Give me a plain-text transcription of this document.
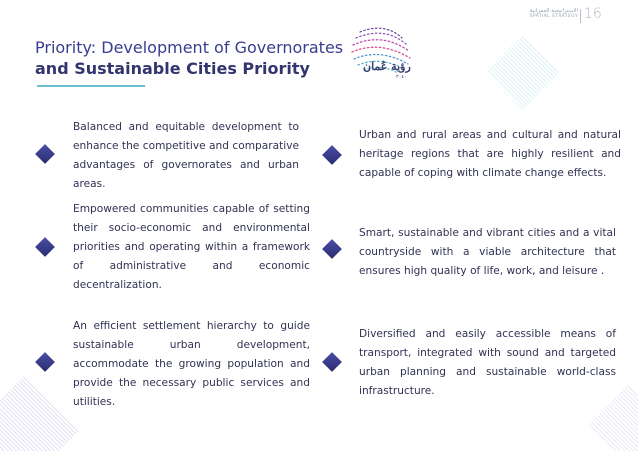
الاستراتيجية العمرانية
SPATIAL STRATEGY 16
Priority: Development of Governorates
and Sustainable Cities Priority	رؤية عُمان
٢٠٤٠

Balanced and equitable development to enhance the competitive and comparative advantages of governorates and urban areas.

Empowered communities capable of setting their socio-economic and environmental priorities and operating within a framework of administrative and economic decentralization.

An efficient settlement hierarchy to guide sustainable urban development, accommodate the growing population and provide the necessary public services and utilities.

Urban and rural areas and cultural and natural heritage regions that are highly resilient and capable of coping with climate change effects.

Smart, sustainable and vibrant cities and a vital countryside with a viable architecture that ensures high quality of life, work, and leisure .

Diversified and easily accessible means of transport, integrated with sound and targeted urban planning and sustainable world-class infrastructure.
